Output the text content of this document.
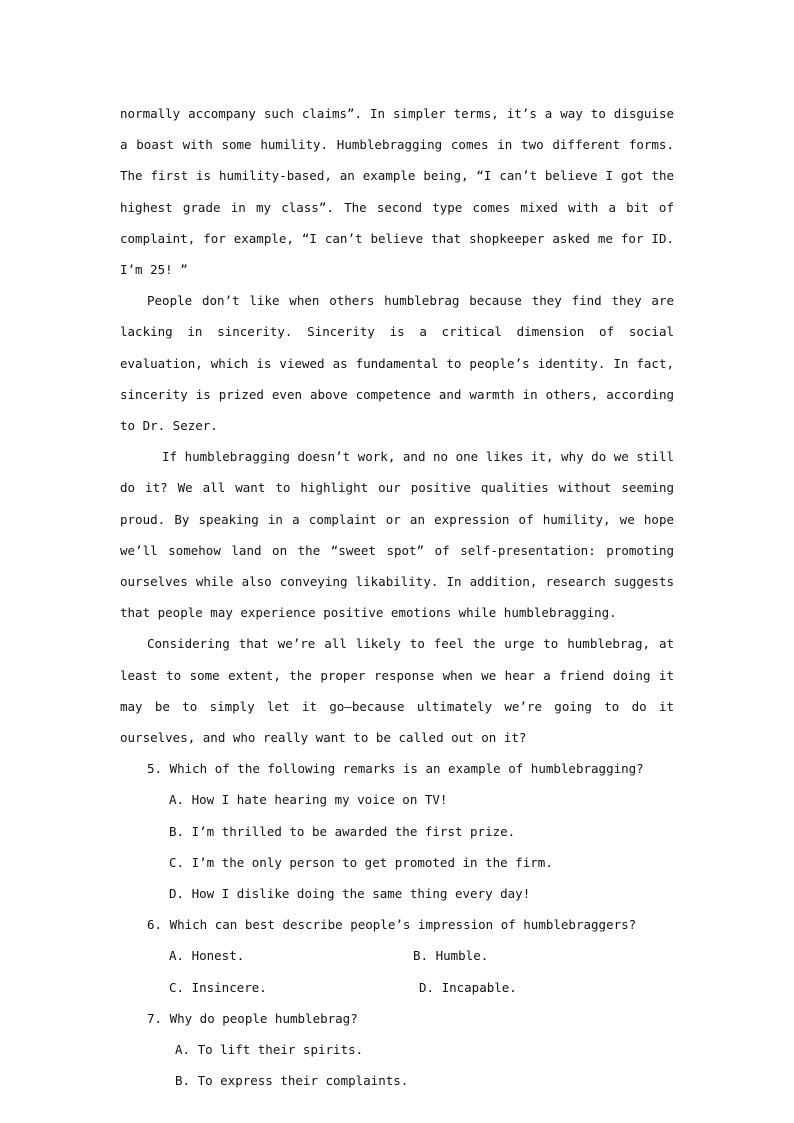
normally accompany such claims”. In simpler terms, it’s a way to disguise a boast with some humility. Humblebragging comes in two different forms. The first is humility-based, an example being, “I can’t believe I got the highest grade in my class”. The second type comes mixed with a bit of complaint, for example, “I can’t believe that shopkeeper asked me for ID. I’m 25! ”

People don’t like when others humblebrag because they find they are lacking in sincerity. Sincerity is a critical dimension of social evaluation, which is viewed as fundamental to people’s identity. In fact, sincerity is prized even above competence and warmth in others, according to Dr. Sezer.

If humblebragging doesn’t work, and no one likes it, why do we still do it? We all want to highlight our positive qualities without seeming proud. By speaking in a complaint or an expression of humility, we hope we’ll somehow land on the “sweet spot” of self-presentation: promoting ourselves while also conveying likability. In addition, research suggests that people may experience positive emotions while humblebragging.

Considering that we’re all likely to feel the urge to humblebrag, at least to some extent, the proper response when we hear a friend doing it may be to simply let it go—because ultimately we’re going to do it ourselves, and who really want to be called out on it?

5. Which of the following remarks is an example of humblebragging?

A. How I hate hearing my voice on TV!

B. I’m thrilled to be awarded the first prize.

C. I’m the only person to get promoted in the firm.

D. How I dislike doing the same thing every day!

6. Which can best describe people’s impression of humblebraggers?

A. Honest.	B. Humble.
C. Insincere.	D. Incapable.

7. Why do people humblebrag?

A. To lift their spirits.

B. To express their complaints.
